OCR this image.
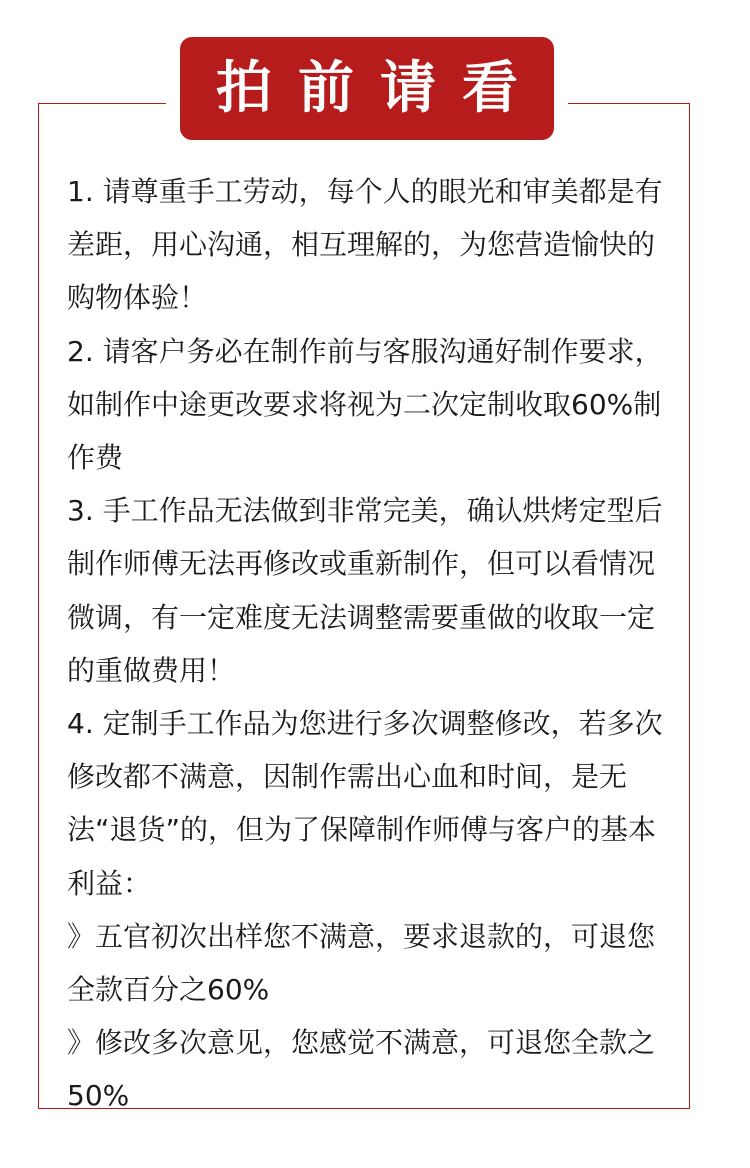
拍前请看

1. 请尊重手工劳动，每个人的眼光和审美都是有差距，用心沟通，相互理解的，为您营造愉快的购物体验！

2. 请客户务必在制作前与客服沟通好制作要求，如制作中途更改要求将视为二次定制收取60%制作费

3. 手工作品无法做到非常完美，确认烘烤定型后制作师傅无法再修改或重新制作，但可以看情况微调，有一定难度无法调整需要重做的收取一定的重做费用！

4. 定制手工作品为您进行多次调整修改，若多次修改都不满意，因制作需出心血和时间，是无法“退货”的，但为了保障制作师傅与客户的基本利益：

》五官初次出样您不满意，要求退款的，可退您全款百分之60%

》修改多次意见，您感觉不满意，可退您全款之50%
